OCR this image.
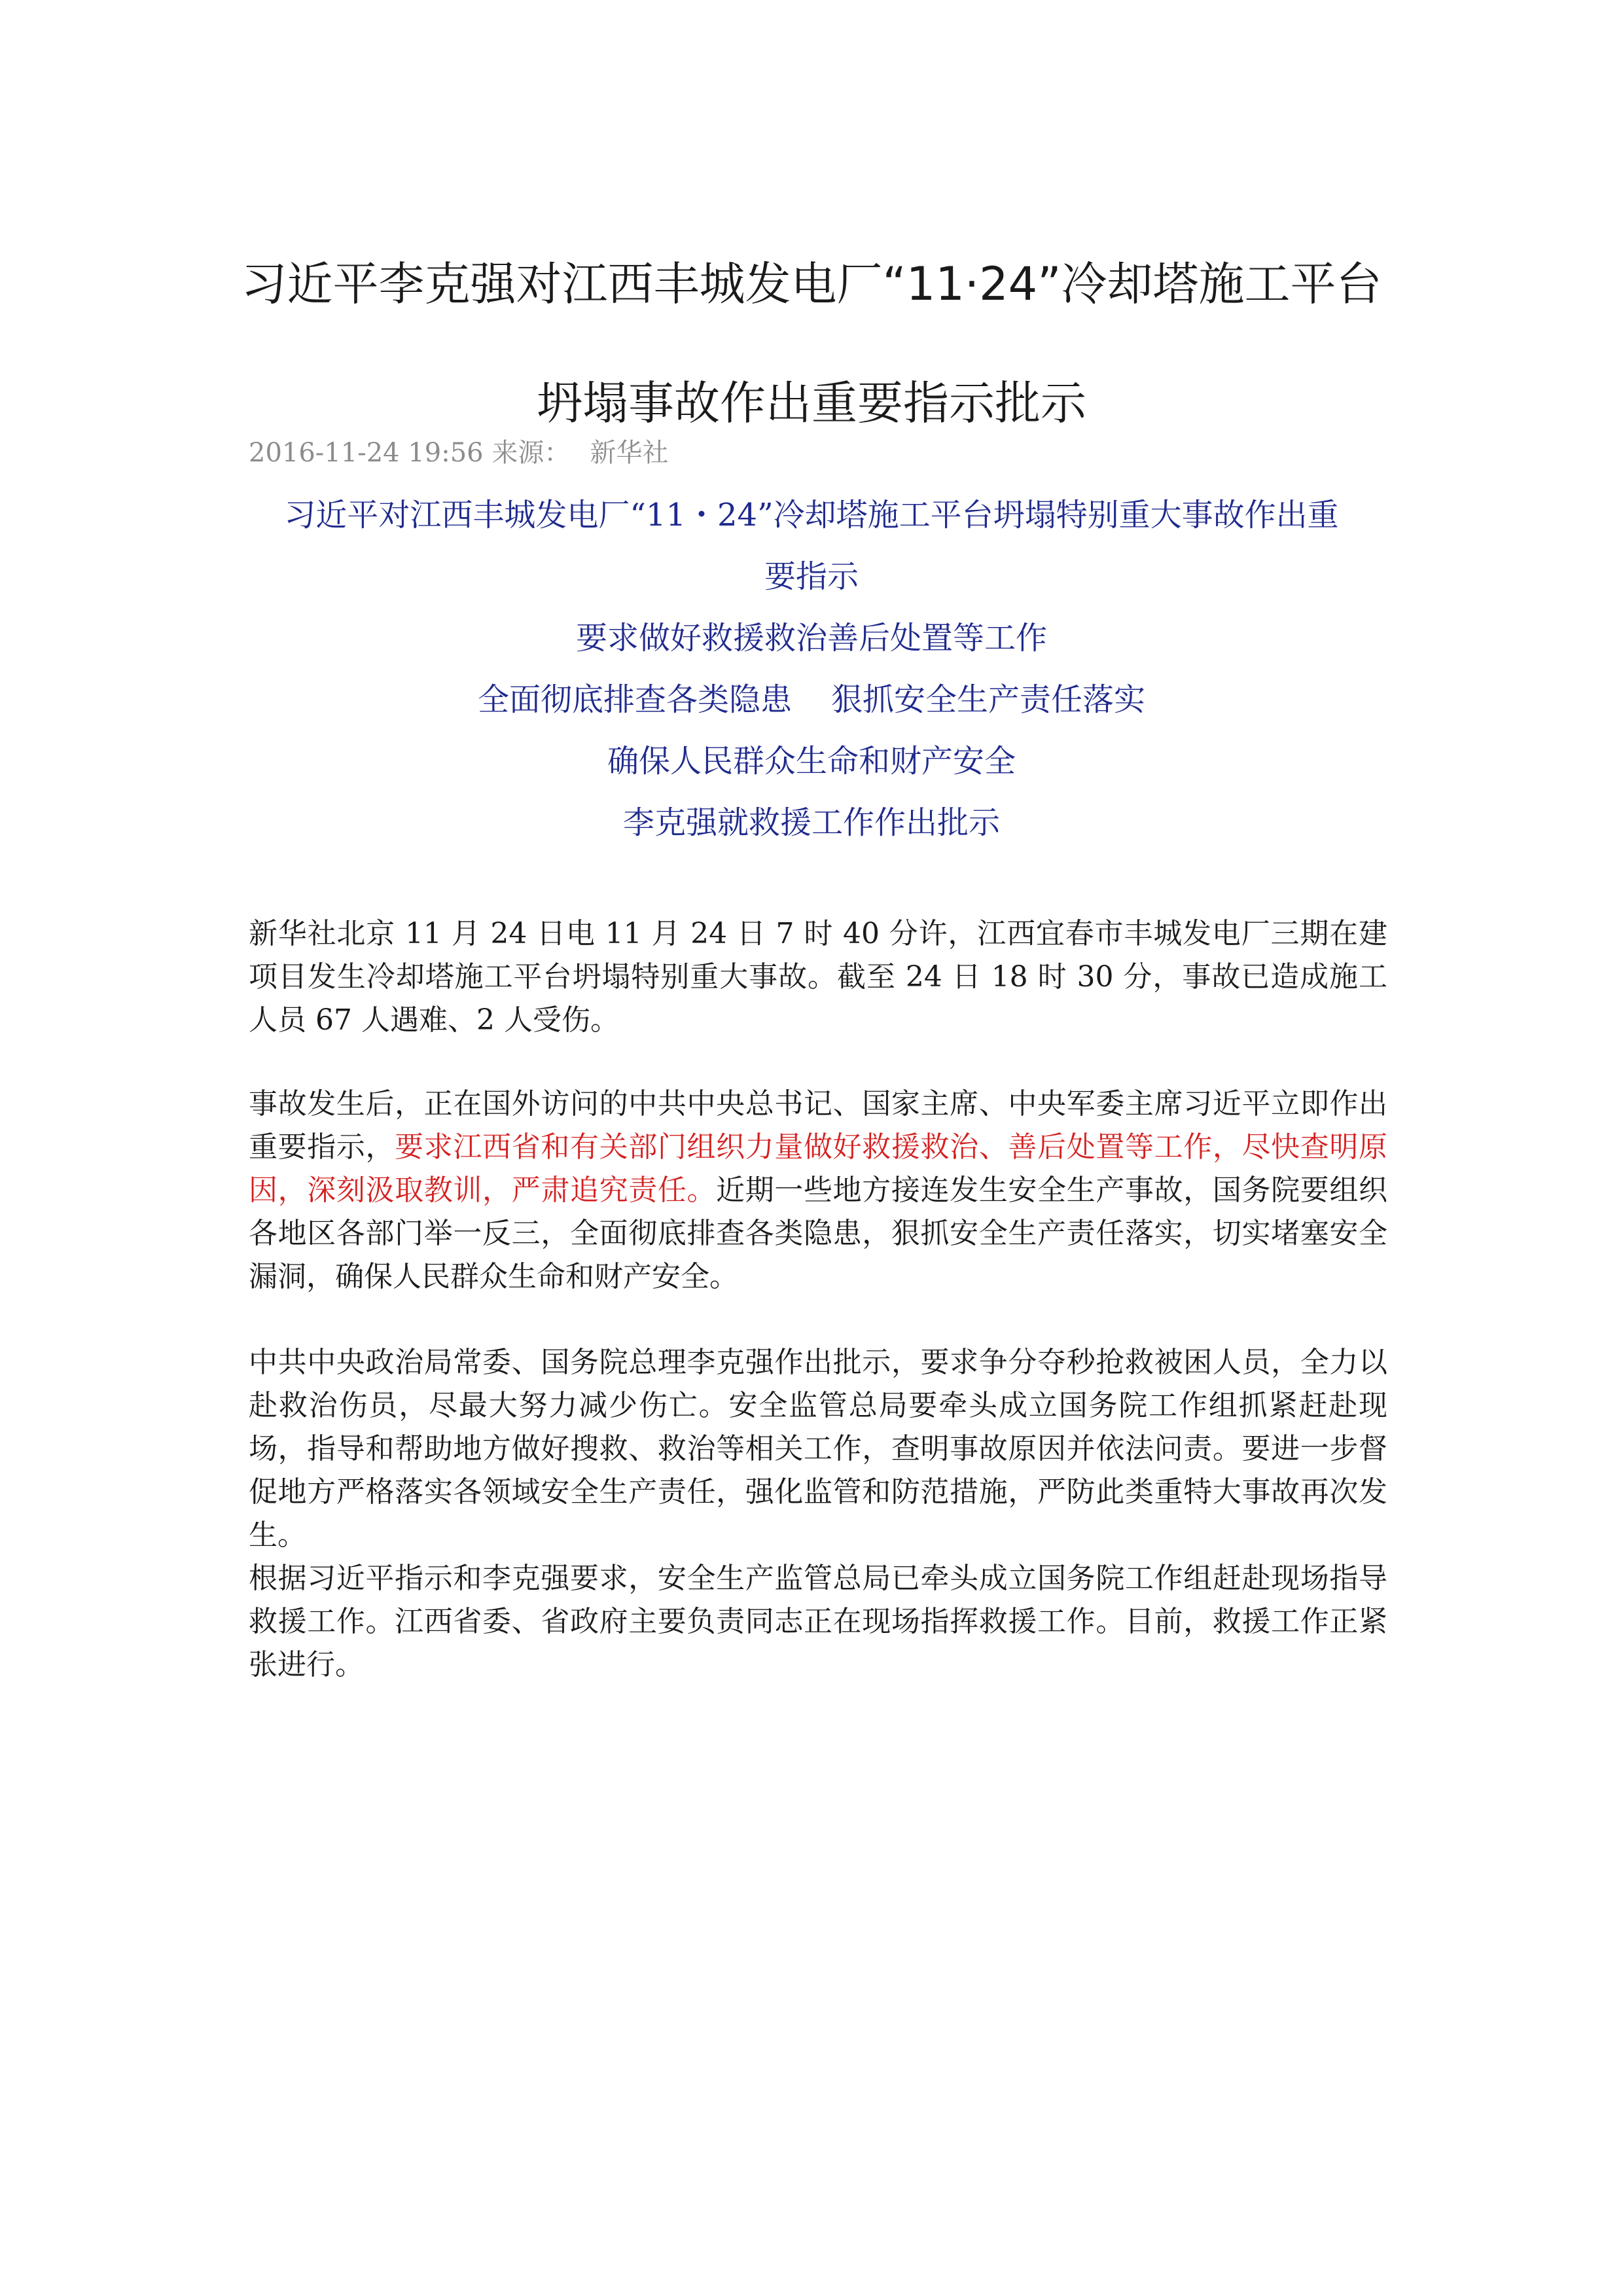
习近平李克强对江西丰城发电厂“11·24”冷却塔施工平台
坍塌事故作出重要指示批示
2016-11-24 19:56 来源： 新华社
习近平对江西丰城发电厂“11・24”冷却塔施工平台坍塌特别重大事故作出重
要指示
要求做好救援救治善后处置等工作
全面彻底排查各类隐患 狠抓安全生产责任落实
确保人民群众生命和财产安全
李克强就救援工作作出批示

新华社北京 11 月 24 日电 11 月 24 日 7 时 40 分许，江西宜春市丰城发电厂三期在建项目发生冷却塔施工平台坍塌特别重大事故。截至 24 日 18 时 30 分，事故已造成施工人员 67 人遇难、2 人受伤。

事故发生后，正在国外访问的中共中央总书记、国家主席、中央军委主席习近平立即作出重要指示，要求江西省和有关部门组织力量做好救援救治、善后处置等工作，尽快查明原因，深刻汲取教训，严肃追究责任。近期一些地方接连发生安全生产事故，国务院要组织各地区各部门举一反三，全面彻底排查各类隐患，狠抓安全生产责任落实，切实堵塞安全漏洞，确保人民群众生命和财产安全。

中共中央政治局常委、国务院总理李克强作出批示，要求争分夺秒抢救被困人员，全力以赴救治伤员，尽最大努力减少伤亡。安全监管总局要牵头成立国务院工作组抓紧赶赴现场，指导和帮助地方做好搜救、救治等相关工作，查明事故原因并依法问责。要进一步督促地方严格落实各领域安全生产责任，强化监管和防范措施，严防此类重特大事故再次发生。

根据习近平指示和李克强要求，安全生产监管总局已牵头成立国务院工作组赶赴现场指导救援工作。江西省委、省政府主要负责同志正在现场指挥救援工作。目前，救援工作正紧张进行。
